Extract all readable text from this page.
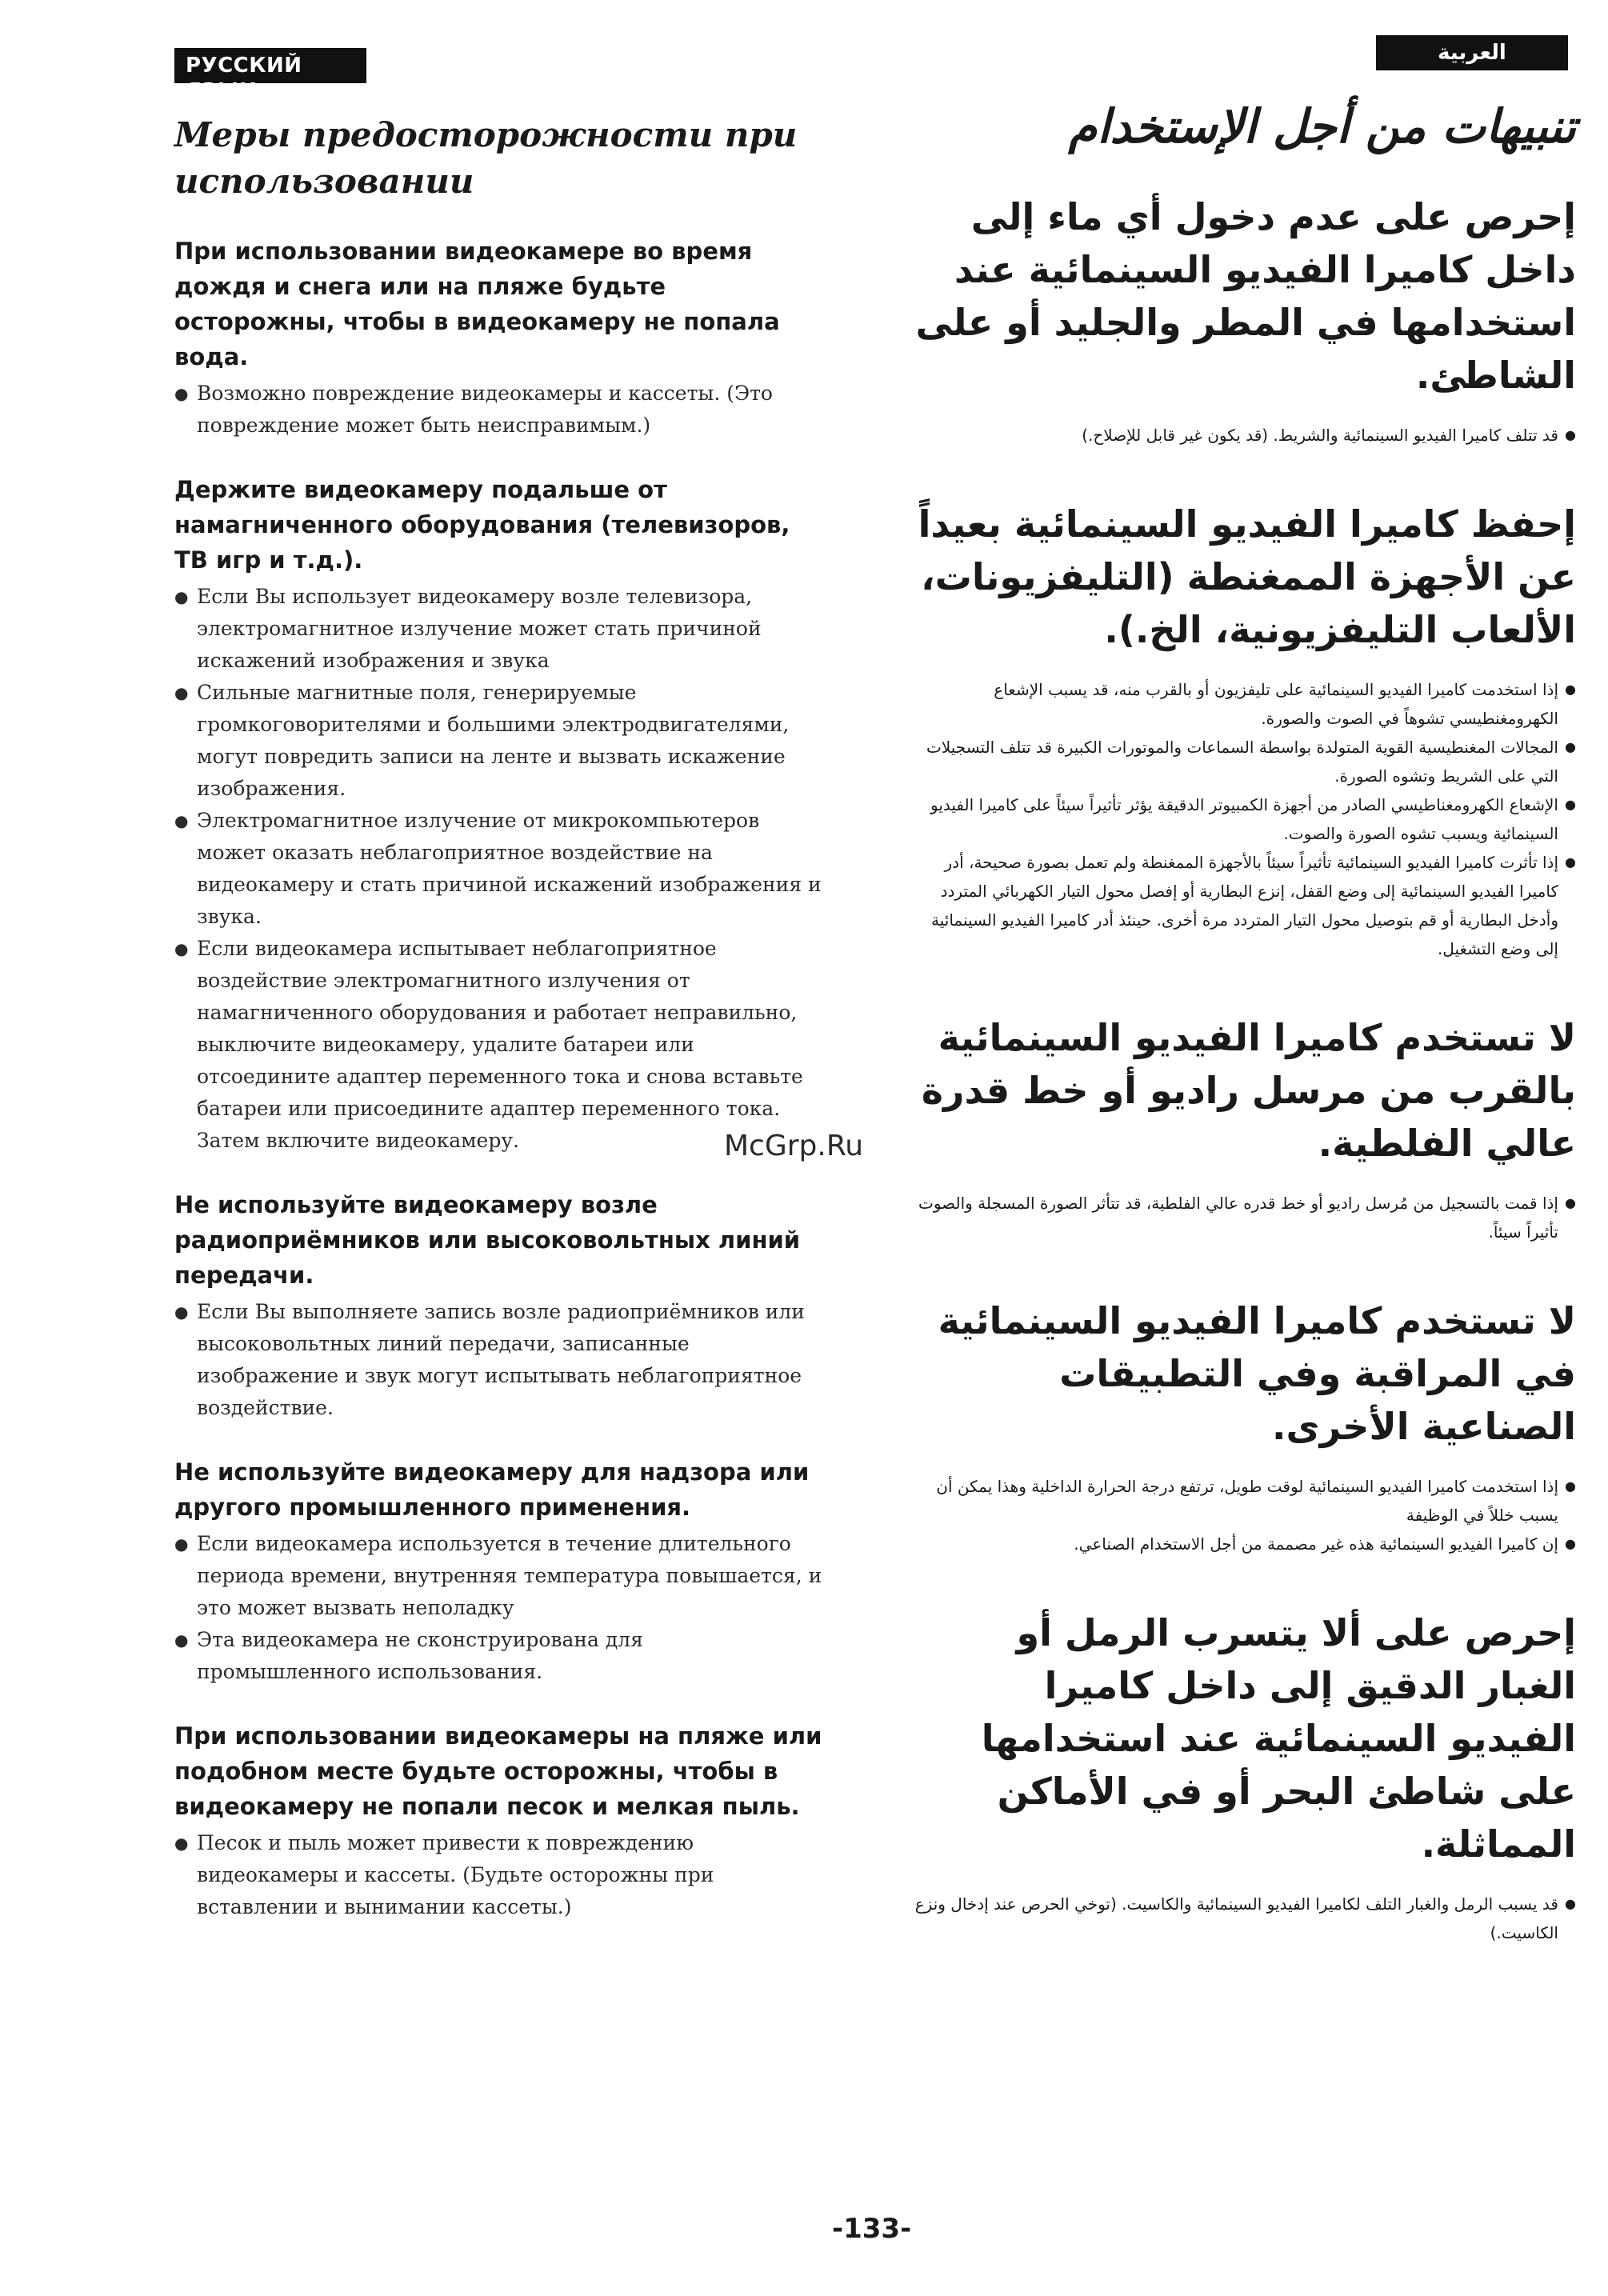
РУССКИЙ ЯЗЫК
العربية
Меры предосторожности при использовании
При использовании видеокамере во время дождя и снега или на пляже будьте осторожны, чтобы в видеокамеру не попала вода.
● Возможно повреждение видеокамеры и кассеты. (Это повреждение может быть неисправимым.)
Держите видеокамеру подальше от намагниченного оборудования (телевизоров, ТВ игр и т.д.).
● Если Вы использует видеокамеру возле телевизора, электромагнитное излучение может стать причиной искажений изображения и звука
● Сильные магнитные поля, генерируемые громкоговорителями и большими электродвигателями, могут повредить записи на ленте и вызвать искажение изображения.
● Электромагнитное излучение от микрокомпьютеров может оказать неблагоприятное воздействие на видеокамеру и стать причиной искажений изображения и звука.
● Если видеокамера испытывает неблагоприятное воздействие электромагнитного излучения от намагниченного оборудования и работает неправильно, выключите видеокамеру, удалите батареи или отсоедините адаптер переменного тока и снова вставьте батареи или присоедините адаптер переменного тока. Затем включите видеокамеру.
Не используйте видеокамеру возле радиоприёмников или высоковольтных линий передачи.
● Если Вы выполняете запись возле радиоприёмников или высоковольтных линий передачи, записанные изображение и звук могут испытывать неблагоприятное воздействие.
Не используйте видеокамеру для надзора или другого промышленного применения.
● Если видеокамера используется в течение длительного периода времени, внутренняя температура повышается, и это может вызвать неполадку
● Эта видеокамера не сконструирована для промышленного использования.
При использовании видеокамеры на пляже или подобном месте будьте осторожны, чтобы в видеокамеру не попали песок и мелкая пыль.
● Песок и пыль может привести к повреждению видеокамеры и кассеты. (Будьте осторожны при вставлении и вынимании кассеты.)
تنبيهات من أجل الإستخدام
إحرص على عدم دخول أي ماء إلى داخل كاميرا الفيديو السينمائية عند استخدامها في المطر والجليد أو على الشاطئ.
● قد تتلف كاميرا الفيديو السينمائية والشريط. (قد يكون غير قابل للإصلاح.)
إحفظ كاميرا الفيديو السينمائية بعيداً عن الأجهزة الممغنطة (التليفزيونات، الألعاب التليفزيونية، الخ.).
● إذا استخدمت كاميرا الفيديو السينمائية على تليفزيون أو بالقرب منه، قد يسبب الإشعاع الكهرومغنطيسي تشوهاً في الصوت والصورة.
● المجالات المغنطيسية القوية المتولدة بواسطة السماعات والموتورات الكبيرة قد تتلف التسجيلات التي على الشريط وتشوه الصورة.
● الإشعاع الكهرومغناطيسي الصادر من أجهزة الكمبيوتر الدقيقة يؤثر تأثيراً سيئاً على كاميرا الفيديو السينمائية ويسبب تشوه الصورة والصوت.
● إذا تأثرت كاميرا الفيديو السينمائية تأثيراً سيئاً بالأجهزة الممغنطة ولم تعمل بصورة صحيحة، أدر كاميرا الفيديو السينمائية إلى وضع القفل، إنزع البطارية أو إفصل محول التيار الكهربائي المتردد وأدخل البطارية أو قم بتوصيل محول التيار المتردد مرة أخرى. حينئذ أدر كاميرا الفيديو السينمائية إلى وضع التشغيل.
لا تستخدم كاميرا الفيديو السينمائية بالقرب من مرسل راديو أو خط قدرة عالي الفلطية.
● إذا قمت بالتسجيل من مُرسل راديو أو خط قدره عالي الفلطية، قد تتأثر الصورة المسجلة والصوت تأثيراً سيئاً.
لا تستخدم كاميرا الفيديو السينمائية في المراقبة وفي التطبيقات الصناعية الأخرى.
● إذا استخدمت كاميرا الفيديو السينمائية لوقت طويل، ترتفع درجة الحرارة الداخلية وهذا يمكن أن يسبب خللاً في الوظيفة
● إن كاميرا الفيديو السينمائية هذه غير مصممة من أجل الاستخدام الصناعي.
إحرص على ألا يتسرب الرمل أو الغبار الدقيق إلى داخل كاميرا الفيديو السينمائية عند استخدامها على شاطئ البحر أو في الأماكن المماثلة.
● قد يسبب الرمل والغبار التلف لكاميرا الفيديو السينمائية والكاسيت. (توخي الحرص عند إدخال ونزع الكاسيت.)
McGrp.Ru
-133-
